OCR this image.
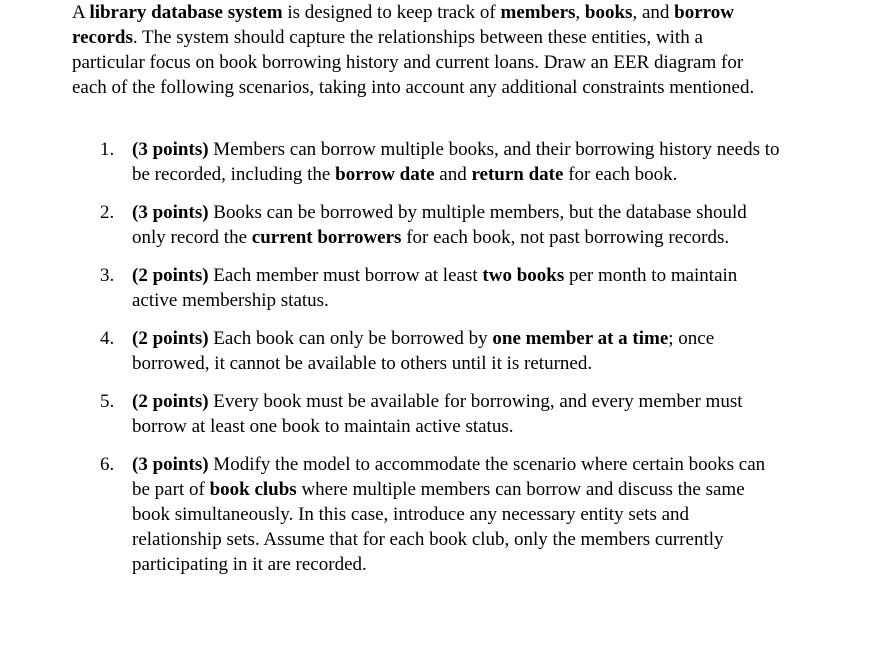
A library database system is designed to keep track of members, books, and borrow records. The system should capture the relationships between these entities, with a particular focus on book borrowing history and current loans. Draw an EER diagram for each of the following scenarios, taking into account any additional constraints mentioned.

1. (3 points) Members can borrow multiple books, and their borrowing history needs to be recorded, including the borrow date and return date for each book.
2. (3 points) Books can be borrowed by multiple members, but the database should only record the current borrowers for each book, not past borrowing records.
3. (2 points) Each member must borrow at least two books per month to maintain active membership status.
4. (2 points) Each book can only be borrowed by one member at a time; once borrowed, it cannot be available to others until it is returned.
5. (2 points) Every book must be available for borrowing, and every member must borrow at least one book to maintain active status.
6. (3 points) Modify the model to accommodate the scenario where certain books can be part of book clubs where multiple members can borrow and discuss the same book simultaneously. In this case, introduce any necessary entity sets and relationship sets. Assume that for each book club, only the members currently participating in it are recorded.
